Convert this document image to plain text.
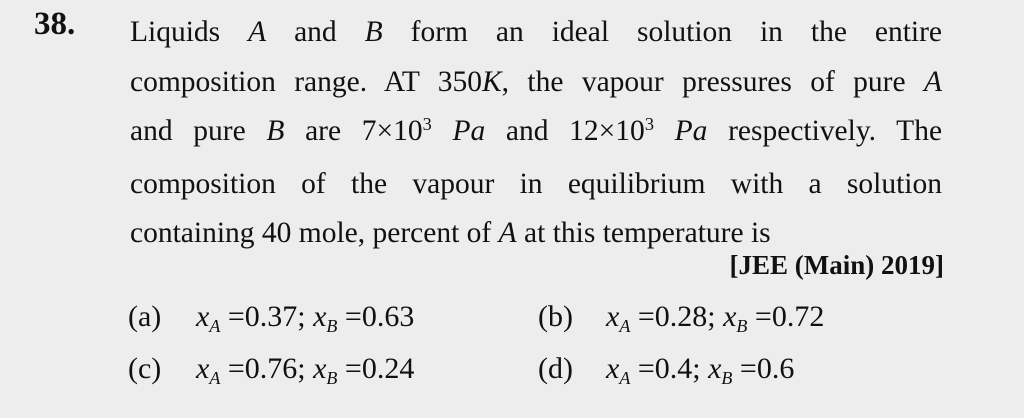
38. Liquids A and B form an ideal solution in the entire
composition range. AT 350K, the vapour pressures of pure A
and pure B are $7\times 10^3$ Pa and $12\times 10^3$ Pa respectively. The
composition of the vapour in equilibrium with a solution
containing 40 mole, percent of A at this temperature is
[JEE (Main) 2019]
(a) $x_A =0.37$; $x_B =0.63$	(b) $x_A =0.28$; $x_B =0.72$
(c) $x_A =0.76$; $x_B =0.24$	(d) $x_A =0.4$; $x_B =0.6$
